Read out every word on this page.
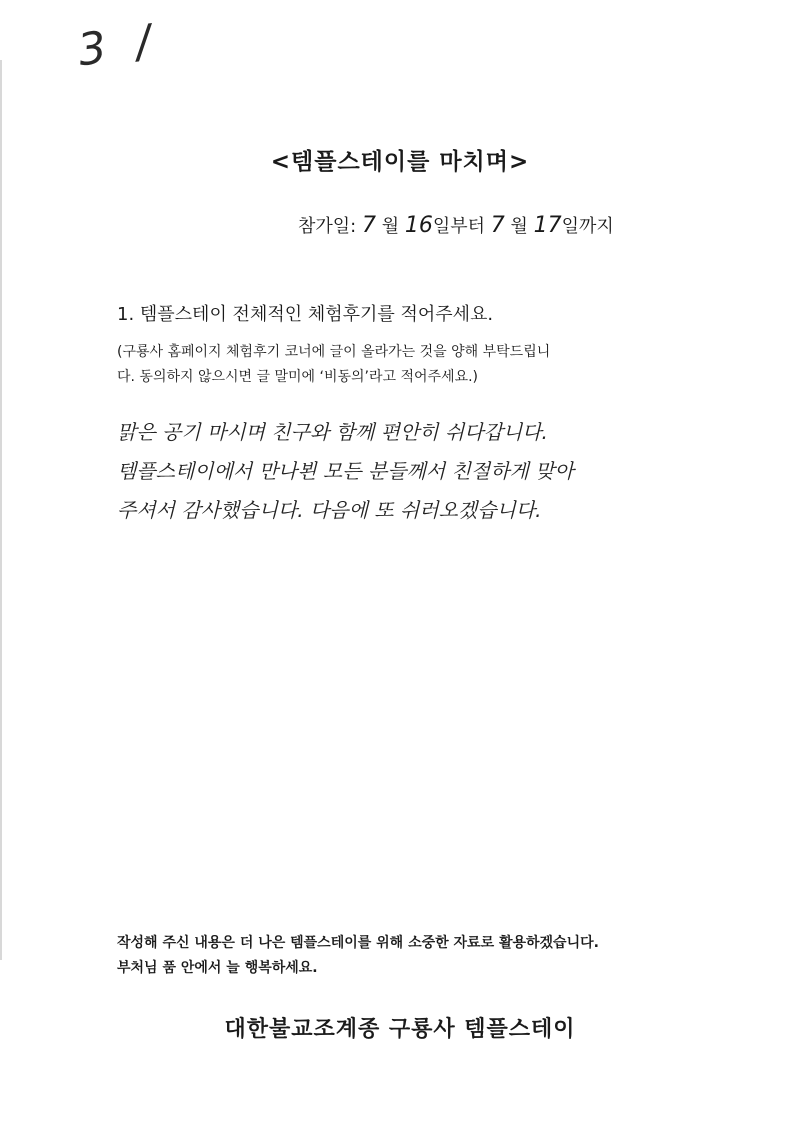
3 /
<템플스테이를 마치며>
참가일: 7 월 16일부터 7 월 17일까지
1. 템플스테이 전체적인 체험후기를 적어주세요.
(구룡사 홈페이지 체험후기 코너에 글이 올라가는 것을 양해 부탁드립니
다. 동의하지 않으시면 글 말미에 ‘비동의’라고 적어주세요.)
맑은 공기 마시며 친구와 함께 편안히 쉬다갑니다.
템플스테이에서 만나뵌 모든 분들께서 친절하게 맞아
주셔서 감사했습니다. 다음에 또 쉬러오겠습니다.
작성해 주신 내용은 더 나은 템플스테이를 위해 소중한 자료로 활용하겠습니다.
부처님 품 안에서 늘 행복하세요.
대한불교조계종 구룡사 템플스테이
